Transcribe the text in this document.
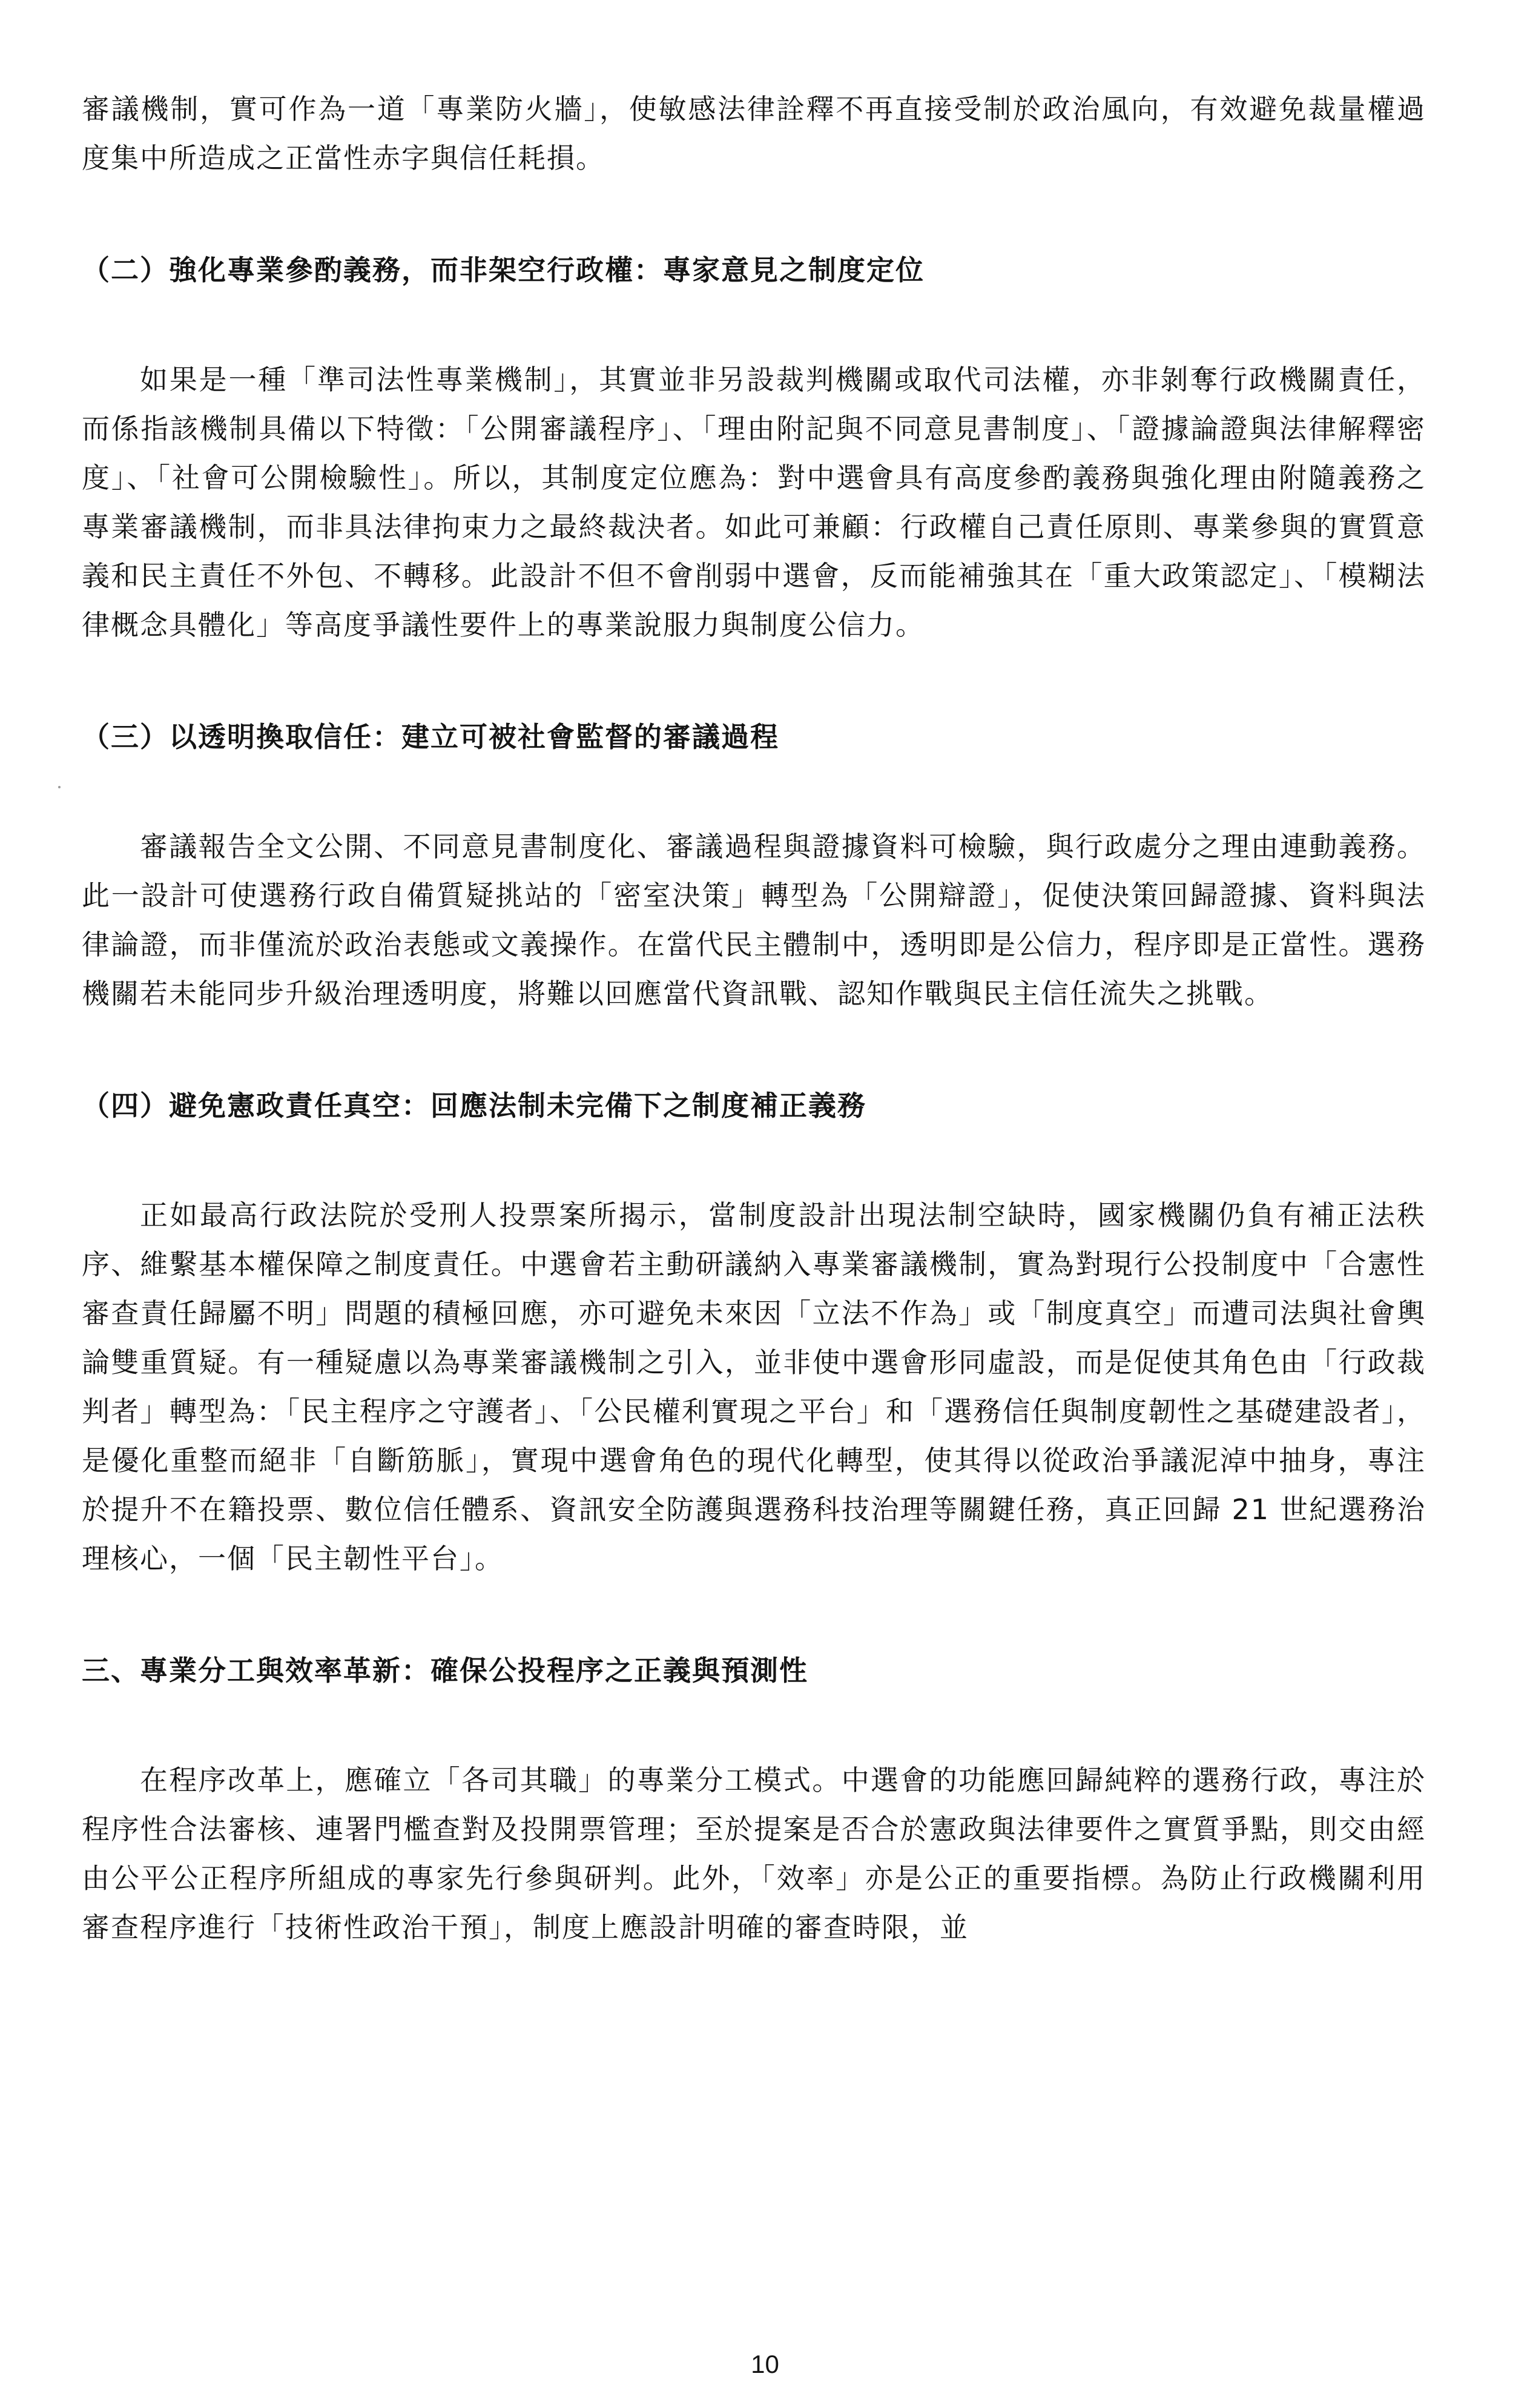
審議機制，實可作為一道「專業防火牆」，使敏感法律詮釋不再直接受制於政治風向，有效避免裁量權過度集中所造成之正當性赤字與信任耗損。

（二）強化專業參酌義務，而非架空行政權：專家意見之制度定位

如果是一種「準司法性專業機制」，其實並非另設裁判機關或取代司法權，亦非剝奪行政機關責任，而係指該機制具備以下特徵：「公開審議程序」、「理由附記與不同意見書制度」、「證據論證與法律解釋密度」、「社會可公開檢驗性」。所以，其制度定位應為：對中選會具有高度參酌義務與強化理由附隨義務之專業審議機制，而非具法律拘束力之最終裁決者。如此可兼顧：行政權自己責任原則、專業參與的實質意義和民主責任不外包、不轉移。此設計不但不會削弱中選會，反而能補強其在「重大政策認定」、「模糊法律概念具體化」等高度爭議性要件上的專業說服力與制度公信力。

（三）以透明換取信任：建立可被社會監督的審議過程

審議報告全文公開、不同意見書制度化、審議過程與證據資料可檢驗，與行政處分之理由連動義務。此一設計可使選務行政自備質疑挑站的「密室決策」轉型為「公開辯證」，促使決策回歸證據、資料與法律論證，而非僅流於政治表態或文義操作。在當代民主體制中，透明即是公信力，程序即是正當性。選務機關若未能同步升級治理透明度，將難以回應當代資訊戰、認知作戰與民主信任流失之挑戰。

（四）避免憲政責任真空：回應法制未完備下之制度補正義務

正如最高行政法院於受刑人投票案所揭示，當制度設計出現法制空缺時，國家機關仍負有補正法秩序、維繫基本權保障之制度責任。中選會若主動研議納入專業審議機制，實為對現行公投制度中「合憲性審查責任歸屬不明」問題的積極回應，亦可避免未來因「立法不作為」或「制度真空」而遭司法與社會輿論雙重質疑。有一種疑慮以為專業審議機制之引入，並非使中選會形同虛設，而是促使其角色由「行政裁判者」轉型為：「民主程序之守護者」、「公民權利實現之平台」和「選務信任與制度韌性之基礎建設者」，是優化重整而絕非「自斷筋脈」，實現中選會角色的現代化轉型，使其得以從政治爭議泥淖中抽身，專注於提升不在籍投票、數位信任體系、資訊安全防護與選務科技治理等關鍵任務，真正回歸 21 世紀選務治理核心，一個「民主韌性平台」。

三、專業分工與效率革新：確保公投程序之正義與預測性

在程序改革上，應確立「各司其職」的專業分工模式。中選會的功能應回歸純粹的選務行政，專注於程序性合法審核、連署門檻查對及投開票管理；至於提案是否合於憲政與法律要件之實質爭點，則交由經由公平公正程序所組成的專家先行參與研判。此外，「效率」亦是公正的重要指標。為防止行政機關利用審查程序進行「技術性政治干預」，制度上應設計明確的審查時限，並

10
